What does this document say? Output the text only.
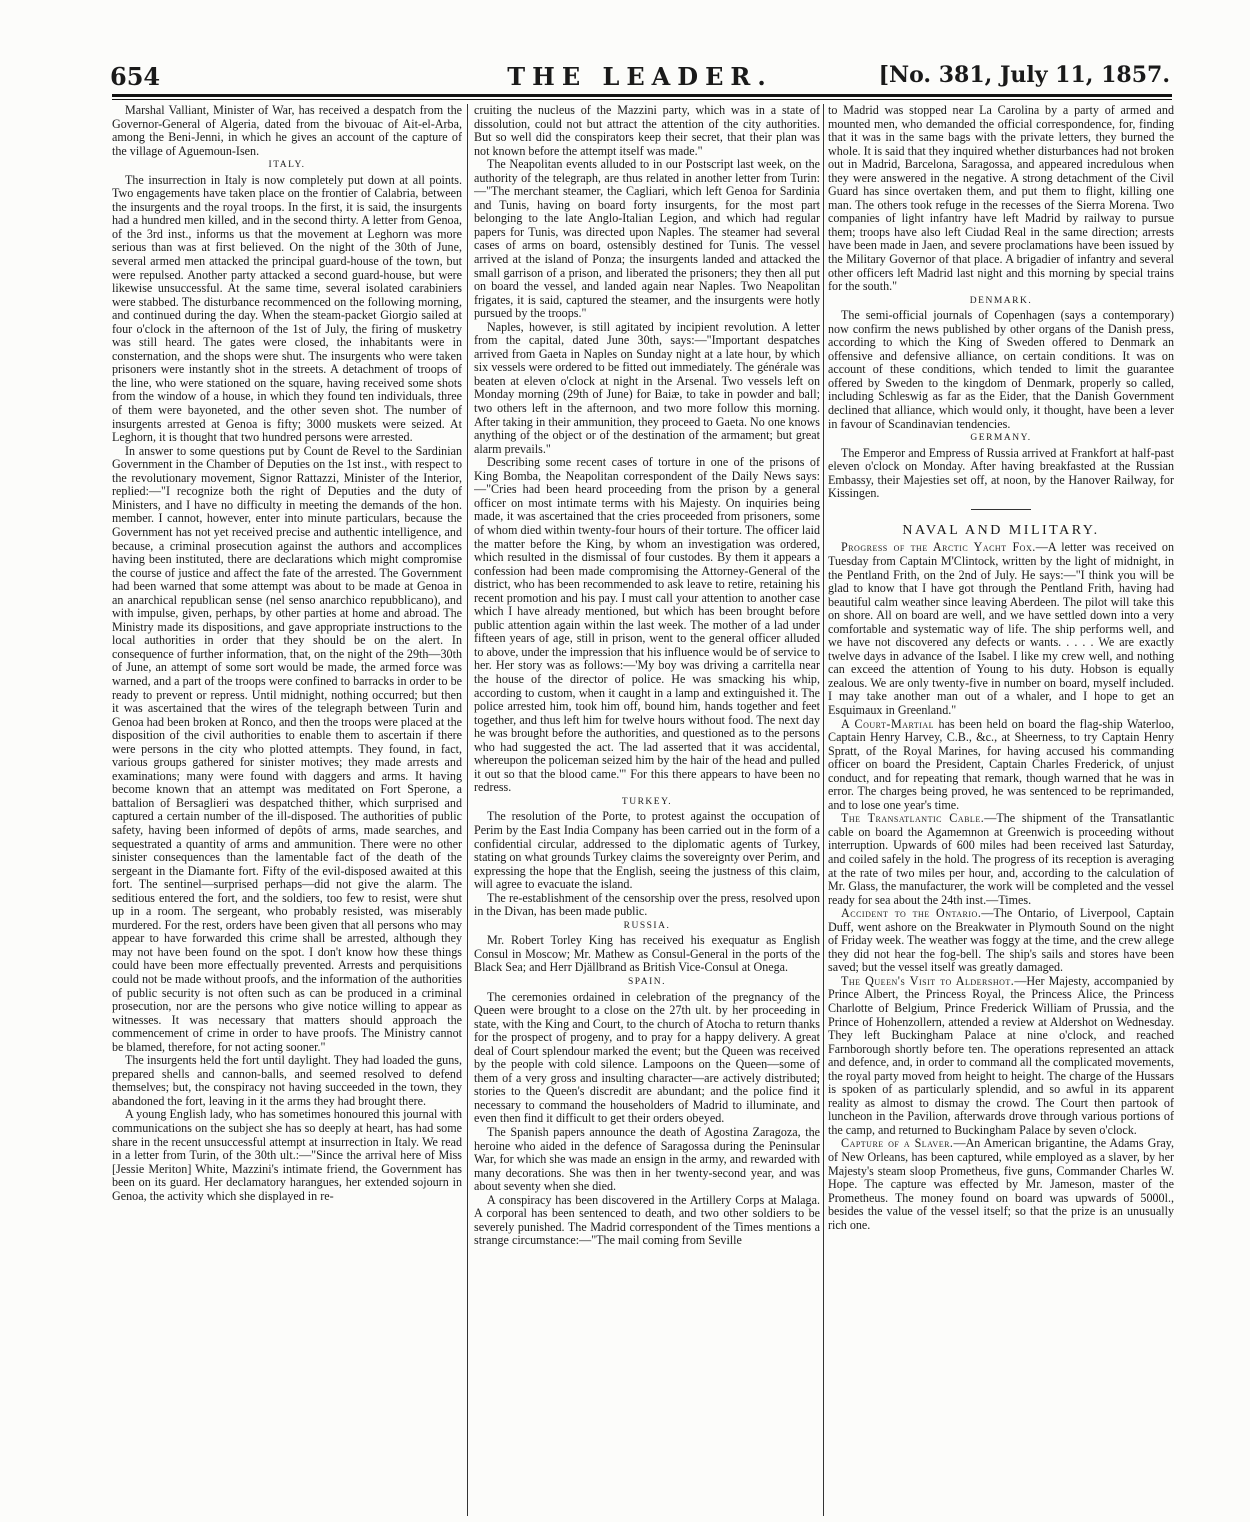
654	THE LEADER.	[No. 381, July 11, 1857.

Marshal Valliant, Minister of War, has received a despatch from the Governor-General of Algeria, dated from the bivouac of Ait-el-Arba, among the Beni-Jenni, in which he gives an account of the capture of the village of Aguemoun-Isen.

ITALY.

The insurrection in Italy is now completely put down at all points. Two engagements have taken place on the frontier of Calabria, between the insurgents and the royal troops. In the first, it is said, the insurgents had a hundred men killed, and in the second thirty. A letter from Genoa, of the 3rd inst., informs us that the movement at Leghorn was more serious than was at first believed. On the night of the 30th of June, several armed men attacked the principal guard-house of the town, but were repulsed. Another party attacked a second guard-house, but were likewise unsuccessful. At the same time, several isolated carabiniers were stabbed. The disturbance recommenced on the following morning, and continued during the day. When the steam-packet Giorgio sailed at four o'clock in the afternoon of the 1st of July, the firing of musketry was still heard. The gates were closed, the inhabitants were in consternation, and the shops were shut. The insurgents who were taken prisoners were instantly shot in the streets. A detachment of troops of the line, who were stationed on the square, having received some shots from the window of a house, in which they found ten individuals, three of them were bayoneted, and the other seven shot. The number of insurgents arrested at Genoa is fifty; 3000 muskets were seized. At Leghorn, it is thought that two hundred persons were arrested.

In answer to some questions put by Count de Revel to the Sardinian Government in the Chamber of Deputies on the 1st inst., with respect to the revolutionary movement, Signor Rattazzi, Minister of the Interior, replied:—"I recognize both the right of Deputies and the duty of Ministers, and I have no difficulty in meeting the demands of the hon. member. I cannot, however, enter into minute particulars, because the Government has not yet received precise and authentic intelligence, and because, a criminal prosecution against the authors and accomplices having been instituted, there are declarations which might compromise the course of justice and affect the fate of the arrested. The Government had been warned that some attempt was about to be made at Genoa in an anarchical republican sense (nel senso anarchico repubblicano), and with impulse, given, perhaps, by other parties at home and abroad. The Ministry made its dispositions, and gave appropriate instructions to the local authorities in order that they should be on the alert. In consequence of further information, that, on the night of the 29th—30th of June, an attempt of some sort would be made, the armed force was warned, and a part of the troops were confined to barracks in order to be ready to prevent or repress. Until midnight, nothing occurred; but then it was ascertained that the wires of the telegraph between Turin and Genoa had been broken at Ronco, and then the troops were placed at the disposition of the civil authorities to enable them to ascertain if there were persons in the city who plotted attempts. They found, in fact, various groups gathered for sinister motives; they made arrests and examinations; many were found with daggers and arms. It having become known that an attempt was meditated on Fort Sperone, a battalion of Bersaglieri was despatched thither, which surprised and captured a certain number of the ill-disposed. The authorities of public safety, having been informed of depôts of arms, made searches, and sequestrated a quantity of arms and ammunition. There were no other sinister consequences than the lamentable fact of the death of the sergeant in the Diamante fort. Fifty of the evil-disposed awaited at this fort. The sentinel—surprised perhaps—did not give the alarm. The seditious entered the fort, and the soldiers, too few to resist, were shut up in a room. The sergeant, who probably resisted, was miserably murdered. For the rest, orders have been given that all persons who may appear to have forwarded this crime shall be arrested, although they may not have been found on the spot. I don't know how these things could have been more effectually prevented. Arrests and perquisitions could not be made without proofs, and the information of the authorities of public security is not often such as can be produced in a criminal prosecution, nor are the persons who give notice willing to appear as witnesses. It was necessary that matters should approach the commencement of crime in order to have proofs. The Ministry cannot be blamed, therefore, for not acting sooner."

The insurgents held the fort until daylight. They had loaded the guns, prepared shells and cannon-balls, and seemed resolved to defend themselves; but, the conspiracy not having succeeded in the town, they abandoned the fort, leaving in it the arms they had brought there.

A young English lady, who has sometimes honoured this journal with communications on the subject she has so deeply at heart, has had some share in the recent unsuccessful attempt at insurrection in Italy. We read in a letter from Turin, of the 30th ult.:—"Since the arrival here of Miss [Jessie Meriton] White, Mazzini's intimate friend, the Government has been on its guard. Her declamatory harangues, her extended sojourn in Genoa, the activity which she displayed in re-

cruiting the nucleus of the Mazzini party, which was in a state of dissolution, could not but attract the attention of the city authorities. But so well did the conspirators keep their secret, that their plan was not known before the attempt itself was made."

The Neapolitan events alluded to in our Postscript last week, on the authority of the telegraph, are thus related in another letter from Turin:—"The merchant steamer, the Cagliari, which left Genoa for Sardinia and Tunis, having on board forty insurgents, for the most part belonging to the late Anglo-Italian Legion, and which had regular papers for Tunis, was directed upon Naples. The steamer had several cases of arms on board, ostensibly destined for Tunis. The vessel arrived at the island of Ponza; the insurgents landed and attacked the small garrison of a prison, and liberated the prisoners; they then all put on board the vessel, and landed again near Naples. Two Neapolitan frigates, it is said, captured the steamer, and the insurgents were hotly pursued by the troops."

Naples, however, is still agitated by incipient revolution. A letter from the capital, dated June 30th, says:—"Important despatches arrived from Gaeta in Naples on Sunday night at a late hour, by which six vessels were ordered to be fitted out immediately. The générale was beaten at eleven o'clock at night in the Arsenal. Two vessels left on Monday morning (29th of June) for Baiæ, to take in powder and ball; two others left in the afternoon, and two more follow this morning. After taking in their ammunition, they proceed to Gaeta. No one knows anything of the object or of the destination of the armament; but great alarm prevails."

Describing some recent cases of torture in one of the prisons of King Bomba, the Neapolitan correspondent of the Daily News says:—"Cries had been heard proceeding from the prison by a general officer on most intimate terms with his Majesty. On inquiries being made, it was ascertained that the cries proceeded from prisoners, some of whom died within twenty-four hours of their torture. The officer laid the matter before the King, by whom an investigation was ordered, which resulted in the dismissal of four custodes. By them it appears a confession had been made compromising the Attorney-General of the district, who has been recommended to ask leave to retire, retaining his recent promotion and his pay. I must call your attention to another case which I have already mentioned, but which has been brought before public attention again within the last week. The mother of a lad under fifteen years of age, still in prison, went to the general officer alluded to above, under the impression that his influence would be of service to her. Her story was as follows:—'My boy was driving a carritella near the house of the director of police. He was smacking his whip, according to custom, when it caught in a lamp and extinguished it. The police arrested him, took him off, bound him, hands together and feet together, and thus left him for twelve hours without food. The next day he was brought before the authorities, and questioned as to the persons who had suggested the act. The lad asserted that it was accidental, whereupon the policeman seized him by the hair of the head and pulled it out so that the blood came.'" For this there appears to have been no redress.

TURKEY.

The resolution of the Porte, to protest against the occupation of Perim by the East India Company has been carried out in the form of a confidential circular, addressed to the diplomatic agents of Turkey, stating on what grounds Turkey claims the sovereignty over Perim, and expressing the hope that the English, seeing the justness of this claim, will agree to evacuate the island.

The re-establishment of the censorship over the press, resolved upon in the Divan, has been made public.

RUSSIA.

Mr. Robert Torley King has received his exequatur as English Consul in Moscow; Mr. Mathew as Consul-General in the ports of the Black Sea; and Herr Djällbrand as British Vice-Consul at Onega.

SPAIN.

The ceremonies ordained in celebration of the pregnancy of the Queen were brought to a close on the 27th ult. by her proceeding in state, with the King and Court, to the church of Atocha to return thanks for the prospect of progeny, and to pray for a happy delivery. A great deal of Court splendour marked the event; but the Queen was received by the people with cold silence. Lampoons on the Queen—some of them of a very gross and insulting character—are actively distributed; stories to the Queen's discredit are abundant; and the police find it necessary to command the householders of Madrid to illuminate, and even then find it difficult to get their orders obeyed.

The Spanish papers announce the death of Agostina Zaragoza, the heroine who aided in the defence of Saragossa during the Peninsular War, for which she was made an ensign in the army, and rewarded with many decorations. She was then in her twenty-second year, and was about seventy when she died.

A conspiracy has been discovered in the Artillery Corps at Malaga. A corporal has been sentenced to death, and two other soldiers to be severely punished. The Madrid correspondent of the Times mentions a strange circumstance:—"The mail coming from Seville

to Madrid was stopped near La Carolina by a party of armed and mounted men, who demanded the official correspondence, for, finding that it was in the same bags with the private letters, they burned the whole. It is said that they inquired whether disturbances had not broken out in Madrid, Barcelona, Saragossa, and appeared incredulous when they were answered in the negative. A strong detachment of the Civil Guard has since overtaken them, and put them to flight, killing one man. The others took refuge in the recesses of the Sierra Morena. Two companies of light infantry have left Madrid by railway to pursue them; troops have also left Ciudad Real in the same direction; arrests have been made in Jaen, and severe proclamations have been issued by the Military Governor of that place. A brigadier of infantry and several other officers left Madrid last night and this morning by special trains for the south."

DENMARK.

The semi-official journals of Copenhagen (says a contemporary) now confirm the news published by other organs of the Danish press, according to which the King of Sweden offered to Denmark an offensive and defensive alliance, on certain conditions. It was on account of these conditions, which tended to limit the guarantee offered by Sweden to the kingdom of Denmark, properly so called, including Schleswig as far as the Eider, that the Danish Government declined that alliance, which would only, it thought, have been a lever in favour of Scandinavian tendencies.

GERMANY.

The Emperor and Empress of Russia arrived at Frankfort at half-past eleven o'clock on Monday. After having breakfasted at the Russian Embassy, their Majesties set off, at noon, by the Hanover Railway, for Kissingen.

NAVAL AND MILITARY.

Progress of the Arctic Yacht Fox.—A letter was received on Tuesday from Captain M'Clintock, written by the light of midnight, in the Pentland Frith, on the 2nd of July. He says:—"I think you will be glad to know that I have got through the Pentland Frith, having had beautiful calm weather since leaving Aberdeen. The pilot will take this on shore. All on board are well, and we have settled down into a very comfortable and systematic way of life. The ship performs well, and we have not discovered any defects or wants. . . . . We are exactly twelve days in advance of the Isabel. I like my crew well, and nothing can exceed the attention of Young to his duty. Hobson is equally zealous. We are only twenty-five in number on board, myself included. I may take another man out of a whaler, and I hope to get an Esquimaux in Greenland."

A Court-Martial has been held on board the flag-ship Waterloo, Captain Henry Harvey, C.B., &c., at Sheerness, to try Captain Henry Spratt, of the Royal Marines, for having accused his commanding officer on board the President, Captain Charles Frederick, of unjust conduct, and for repeating that remark, though warned that he was in error. The charges being proved, he was sentenced to be reprimanded, and to lose one year's time.

The Transatlantic Cable.—The shipment of the Transatlantic cable on board the Agamemnon at Greenwich is proceeding without interruption. Upwards of 600 miles had been received last Saturday, and coiled safely in the hold. The progress of its reception is averaging at the rate of two miles per hour, and, according to the calculation of Mr. Glass, the manufacturer, the work will be completed and the vessel ready for sea about the 24th inst.—Times.

Accident to the Ontario.—The Ontario, of Liverpool, Captain Duff, went ashore on the Breakwater in Plymouth Sound on the night of Friday week. The weather was foggy at the time, and the crew allege they did not hear the fog-bell. The ship's sails and stores have been saved; but the vessel itself was greatly damaged.

The Queen's Visit to Aldershot.—Her Majesty, accompanied by Prince Albert, the Princess Royal, the Princess Alice, the Princess Charlotte of Belgium, Prince Frederick William of Prussia, and the Prince of Hohenzollern, attended a review at Aldershot on Wednesday. They left Buckingham Palace at nine o'clock, and reached Farnborough shortly before ten. The operations represented an attack and defence, and, in order to command all the complicated movements, the royal party moved from height to height. The charge of the Hussars is spoken of as particularly splendid, and so awful in its apparent reality as almost to dismay the crowd. The Court then partook of luncheon in the Pavilion, afterwards drove through various portions of the camp, and returned to Buckingham Palace by seven o'clock.

Capture of a Slaver.—An American brigantine, the Adams Gray, of New Orleans, has been captured, while employed as a slaver, by her Majesty's steam sloop Prometheus, five guns, Commander Charles W. Hope. The capture was effected by Mr. Jameson, master of the Prometheus. The money found on board was upwards of 5000l., besides the value of the vessel itself; so that the prize is an unusually rich one.
